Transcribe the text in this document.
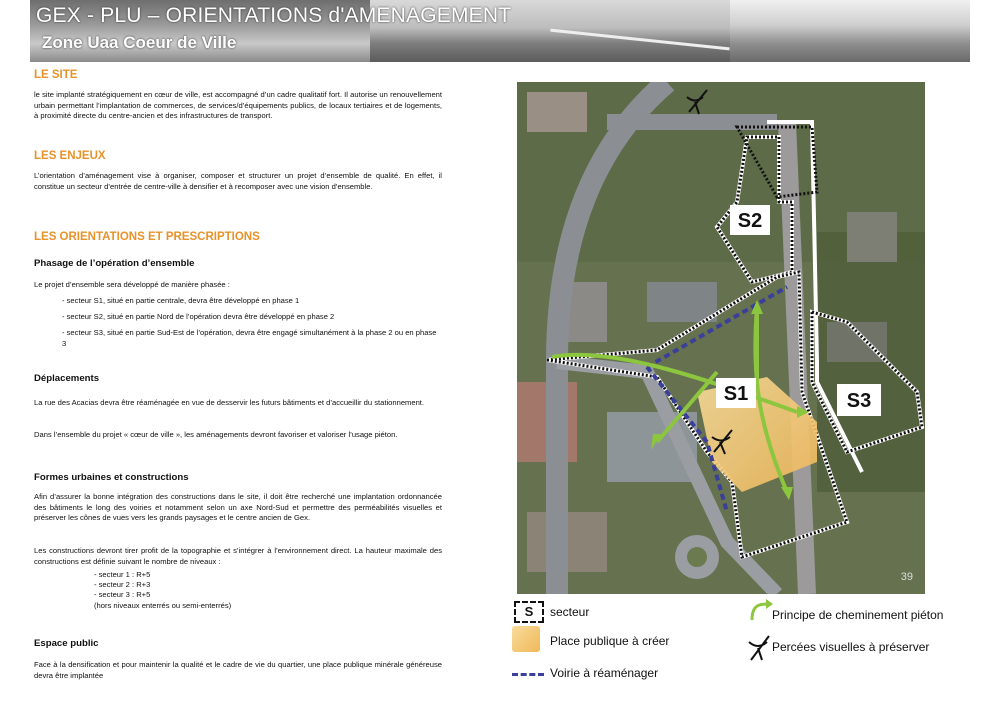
GEX - PLU – ORIENTATIONS d'AMENAGEMENT
Zone Uaa Coeur de Ville
LE SITE
le site implanté stratégiquement en cœur de ville, est accompagné d’un cadre qualitatif fort. Il autorise un renouvellement urbain permettant l’implantation de commerces, de services/d’équipements publics, de locaux tertiaires et de logements, à proximité directe du centre-ancien et des infrastructures de transport.
LES ENJEUX
L’orientation d’aménagement vise à organiser, composer et structurer un projet d’ensemble de qualité. En effet, il constitue un secteur d’entrée de centre-ville à densifier et à recomposer avec une vision d’ensemble.
LES ORIENTATIONS ET PRESCRIPTIONS
Phasage de l’opération d’ensemble
Le projet d’ensemble sera développé de manière phasée :
- secteur S1, situé en partie centrale, devra être développé en phase 1
- secteur S2, situé en partie Nord de l’opération devra être développé en phase 2
- secteur S3, situé en partie Sud-Est de l’opération, devra être engagé simultanément à la phase 2 ou en phase 3
Déplacements
La rue des Acacias devra être réaménagée en vue de desservir les futurs bâtiments et d’accueillir du stationnement.
Dans l’ensemble du projet « cœur de ville », les aménagements devront favoriser et valoriser l’usage piéton.
Formes urbaines et constructions
Afin d’assurer la bonne intégration des constructions dans le site, il doit être recherché une implantation ordonnancée des bâtiments le long des voiries et notamment selon un axe Nord-Sud et permettre des perméabilités visuelles et préserver les cônes de vues vers les grands paysages et le centre ancien de Gex.
Les constructions devront tirer profit de la topographie et s’intégrer à l’environnement direct. La hauteur maximale des constructions est définie suivant le nombre de niveaux :
- secteur 1 : R+5
- secteur 2 : R+3
- secteur 3 : R+5
(hors niveaux enterrés ou semi-enterrés)
Espace public
Face à la densification et pour maintenir la qualité et le cadre de vie du quartier, une place publique minérale généreuse devra être implantée
S2
S1	S3
39
S	secteur
Place publique à créer
Voirie à réaménager
Principe de cheminement piéton
Percées visuelles à préserver
